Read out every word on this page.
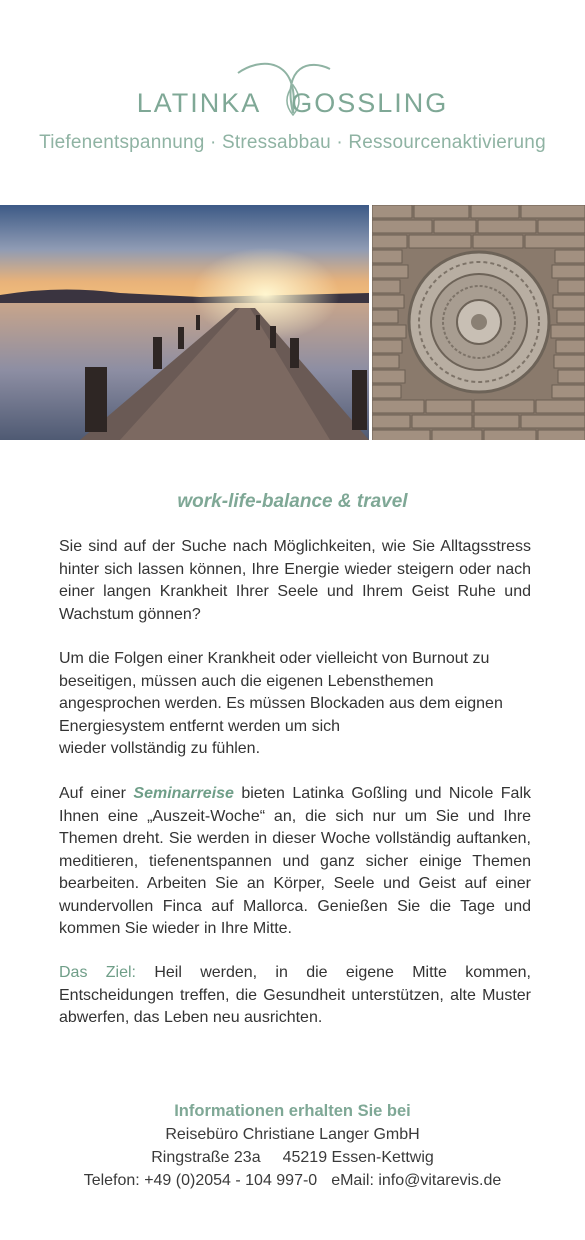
LATINKA GOSSLING
Tiefenentspannung · Stressabbau · Ressourcenaktivierung
work-life-balance & travel
Sie sind auf der Suche nach Möglichkeiten, wie Sie Alltagsstress hinter sich lassen können, Ihre Energie wieder steigern oder nach einer langen Krankheit Ihrer Seele und Ihrem Geist Ruhe und Wachstum gönnen?
Um die Folgen einer Krankheit oder vielleicht von Burnout zu beseitigen, müssen auch die eigenen Lebensthemen angesprochen werden. Es müssen Blockaden aus dem eignen Energiesystem entfernt werden um sich
wieder vollständig zu fühlen.
Auf einer Seminarreise bieten Latinka Goßling und Nicole Falk Ihnen eine „Auszeit-Woche“ an, die sich nur um Sie und Ihre Themen dreht. Sie werden in dieser Woche vollständig auftanken, meditieren, tiefenentspannen und ganz sicher einige Themen bearbeiten. Arbeiten Sie an Körper, Seele und Geist auf einer wundervollen Finca auf Mallorca. Genießen Sie die Tage und kommen Sie wieder in Ihre Mitte.
Das Ziel: Heil werden, in die eigene Mitte kommen, Entscheidungen treffen, die Gesundheit unterstützen, alte Muster abwerfen, das Leben neu ausrichten.
Informationen erhalten Sie bei
Reisebüro Christiane Langer GmbH
Ringstraße 23a 45219 Essen-Kettwig
Telefon: +49 (0)2054 - 104 997-0 eMail: info@vitarevis.de
